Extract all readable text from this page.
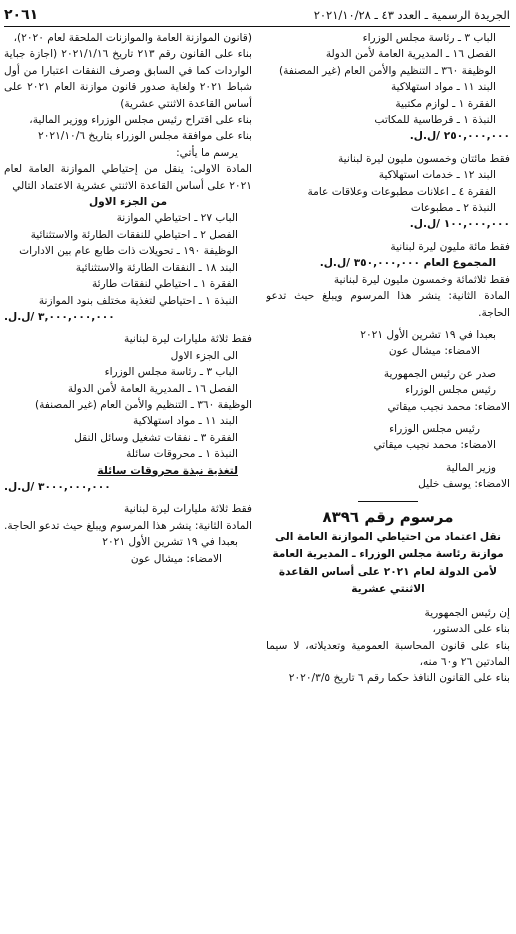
الجريدة الرسمية ـ العدد ٤٣ ـ ٢٠٢١/١٠/٢٨
٢٠٦١
الباب ٣ ـ رئاسة مجلس الوزراء
الفصل ١٦ ـ المديرية العامة لأمن الدولة
الوظيفة ٣٦٠ ـ التنظيم والأمن العام (غير المصنفة)
البند ١١ ـ مواد استهلاكية
الفقرة ١ ـ لوازم مكتبية
النبذة ١ ـ قرطاسية للمكاتب
٢٥٠,٠٠٠,٠٠٠ /ل.ل.
فقط مائتان وخمسون مليون ليرة لبنانية
البند ١٢ ـ خدمات استهلاكية
الفقرة ٤ ـ اعلانات مطبوعات وعلاقات عامة
النبذة ٢ ـ مطبوعات
١٠٠,٠٠٠,٠٠٠ /ل.ل.
فقط مائة مليون ليرة لبنانية
المجموع العام ٣٥٠,٠٠٠,٠٠٠ /ل.ل.
فقط ثلاثمائة وخمسون مليون ليرة لبنانية
المادة الثانية: ينشر هذا المرسوم ويبلغ حيث تدعو الحاجة.
بعبدا في ١٩ تشرين الأول ٢٠٢١
الامضاء: ميشال عون
صدر عن رئيس الجمهورية
رئيس مجلس الوزراء
الامضاء: محمد نجيب ميقاتي
رئيس مجلس الوزراء
الامضاء: محمد نجيب ميقاتي
وزير المالية
الامضاء: يوسف خليل
مرسوم رقم ٨٣٩٦
نقل اعتماد من احتياطي الموازنة العامة الى موازنة رئاسة مجلس الوزراء ـ المديرية العامة لأمن الدولة لعام ٢٠٢١ على أساس القاعدة الاثنتي عشرية
إن رئيس الجمهورية
بناء على الدستور،
بناء على قانون المحاسبة العمومية وتعديلاته، لا سيما المادتين ٢٦ و٦٠ منه،
بناء على القانون النافذ حكما رقم ٦ تاريخ ٢٠٢٠/٣/٥
(قانون الموازنة العامة والموازنات الملحقة لعام ٢٠٢٠)،
بناء على القانون رقم ٢١٣ تاريخ ٢٠٢١/١/١٦ (اجازة جباية الواردات كما في السابق وصرف النفقات اعتبارا من أول شباط ٢٠٢١ ولغاية صدور قانون موازنة العام ٢٠٢١ على أساس القاعدة الاثنتي عشرية)
بناء على اقتراح رئيس مجلس الوزراء ووزير المالية،
بناء على موافقة مجلس الوزراء بتاريخ ٢٠٢١/١٠/٦
يرسم ما يأتي:
المادة الاولى: ينقل من إحتياطي الموازنة العامة لعام ٢٠٢١ على أساس القاعدة الاثنتي عشرية الاعتماد التالي
من الجزء الاول
الباب ٢٧ ـ احتياطي الموازنة
الفصل ٢ ـ احتياطي للنفقات الطارئة والاستثنائية
الوظيفة ١٩٠ ـ تحويلات ذات طابع عام بين الادارات
البند ١٨ ـ النفقات الطارئة والاستثنائية
الفقرة ١ ـ احتياطي لنفقات طارئة
النبذة ١ ـ احتياطي لتغذية مختلف بنود الموازنة
٣,٠٠٠,٠٠٠,٠٠٠ /ل.ل.
فقط ثلاثة مليارات ليرة لبنانية
الى الجزء الاول
الباب ٣ ـ رئاسة مجلس الوزراء
الفصل ١٦ ـ المديرية العامة لأمن الدولة
الوظيفة ٣٦٠ ـ التنظيم والأمن العام (غير المصنفة)
البند ١١ ـ مواد استهلاكية
الفقرة ٣ ـ نفقات تشغيل وسائل النقل
النبذة ١ ـ محروقات سائلة
لتغذية نبذة محروقات سائلة
٣٠٠٠,٠٠٠,٠٠٠ /ل.ل.
فقط ثلاثة مليارات ليرة لبنانية
المادة الثانية: ينشر هذا المرسوم ويبلغ حيث تدعو الحاجة.
بعبدا في ١٩ تشرين الأول ٢٠٢١
الامضاء: ميشال عون
